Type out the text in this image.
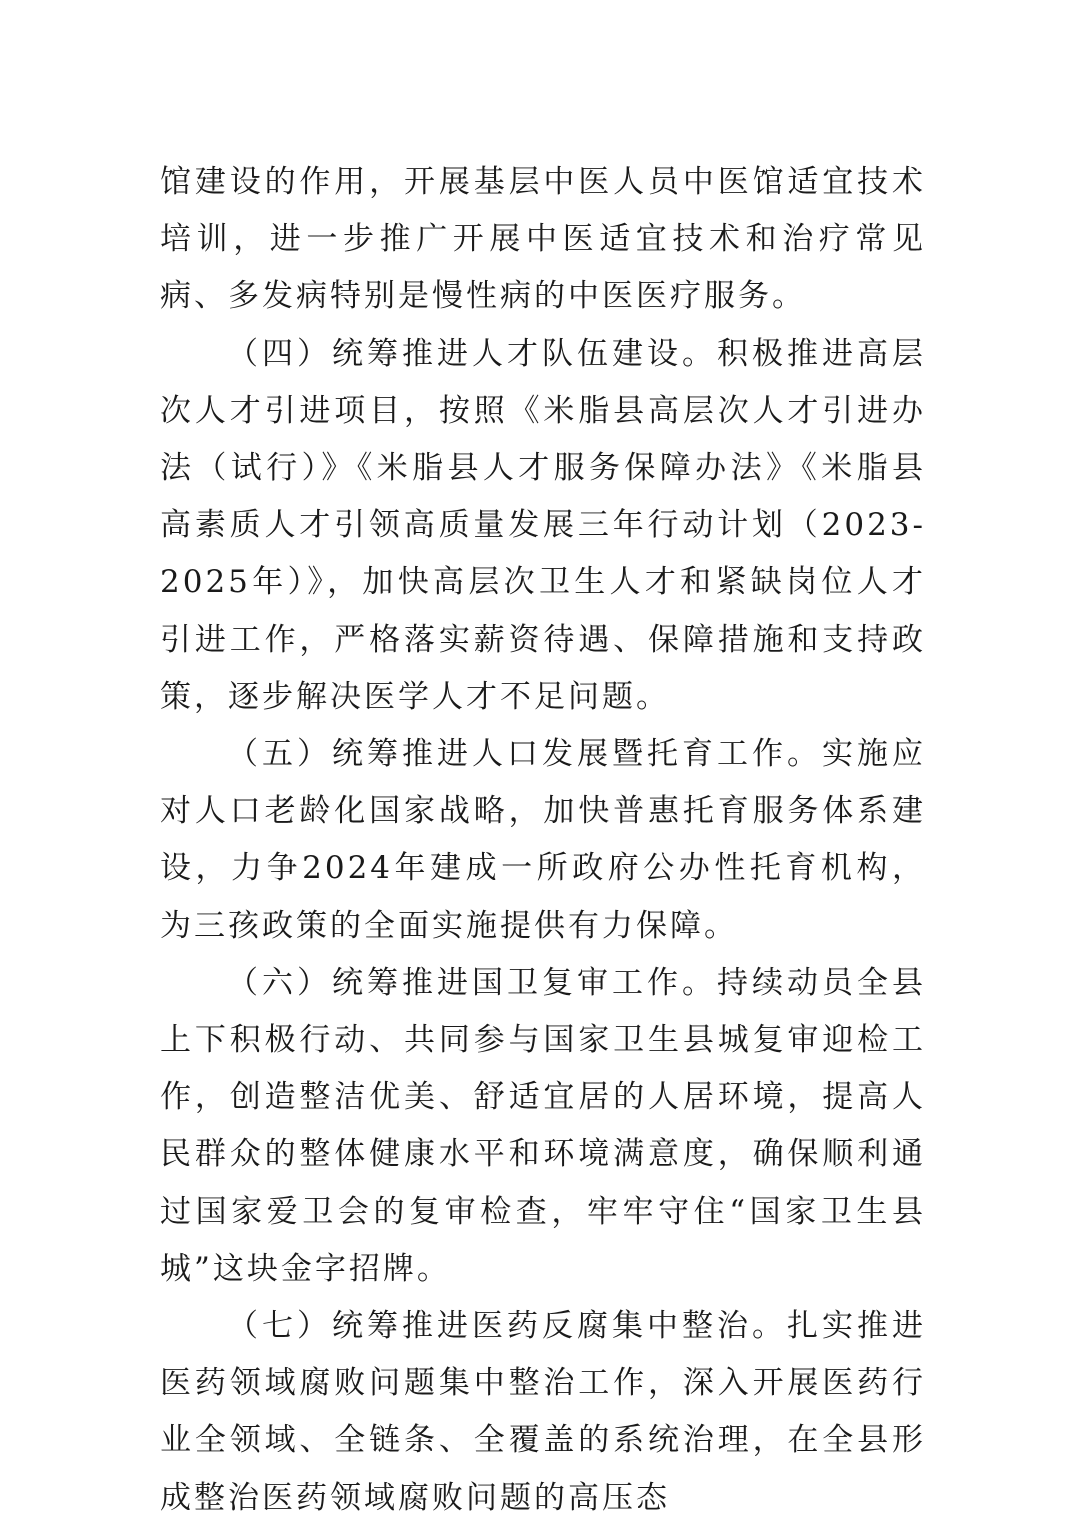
馆建设的作用，开展基层中医人员中医馆适宜技术培训，进一步推广开展中医适宜技术和治疗常见病、多发病特别是慢性病的中医医疗服务。

（四）统筹推进人才队伍建设。积极推进高层次人才引进项目，按照《米脂县高层次人才引进办法（试行）》《米脂县人才服务保障办法》《米脂县高素质人才引领高质量发展三年行动计划（2023-2025年）》，加快高层次卫生人才和紧缺岗位人才引进工作，严格落实薪资待遇、保障措施和支持政策，逐步解决医学人才不足问题。

（五）统筹推进人口发展暨托育工作。实施应对人口老龄化国家战略，加快普惠托育服务体系建设，力争2024年建成一所政府公办性托育机构，为三孩政策的全面实施提供有力保障。

（六）统筹推进国卫复审工作。持续动员全县上下积极行动、共同参与国家卫生县城复审迎检工作，创造整洁优美、舒适宜居的人居环境，提高人民群众的整体健康水平和环境满意度，确保顺利通过国家爱卫会的复审检查，牢牢守住“国家卫生县城”这块金字招牌。

（七）统筹推进医药反腐集中整治。扎实推进医药领域腐败问题集中整治工作，深入开展医药行业全领域、全链条、全覆盖的系统治理，在全县形成整治医药领域腐败问题的高压态
